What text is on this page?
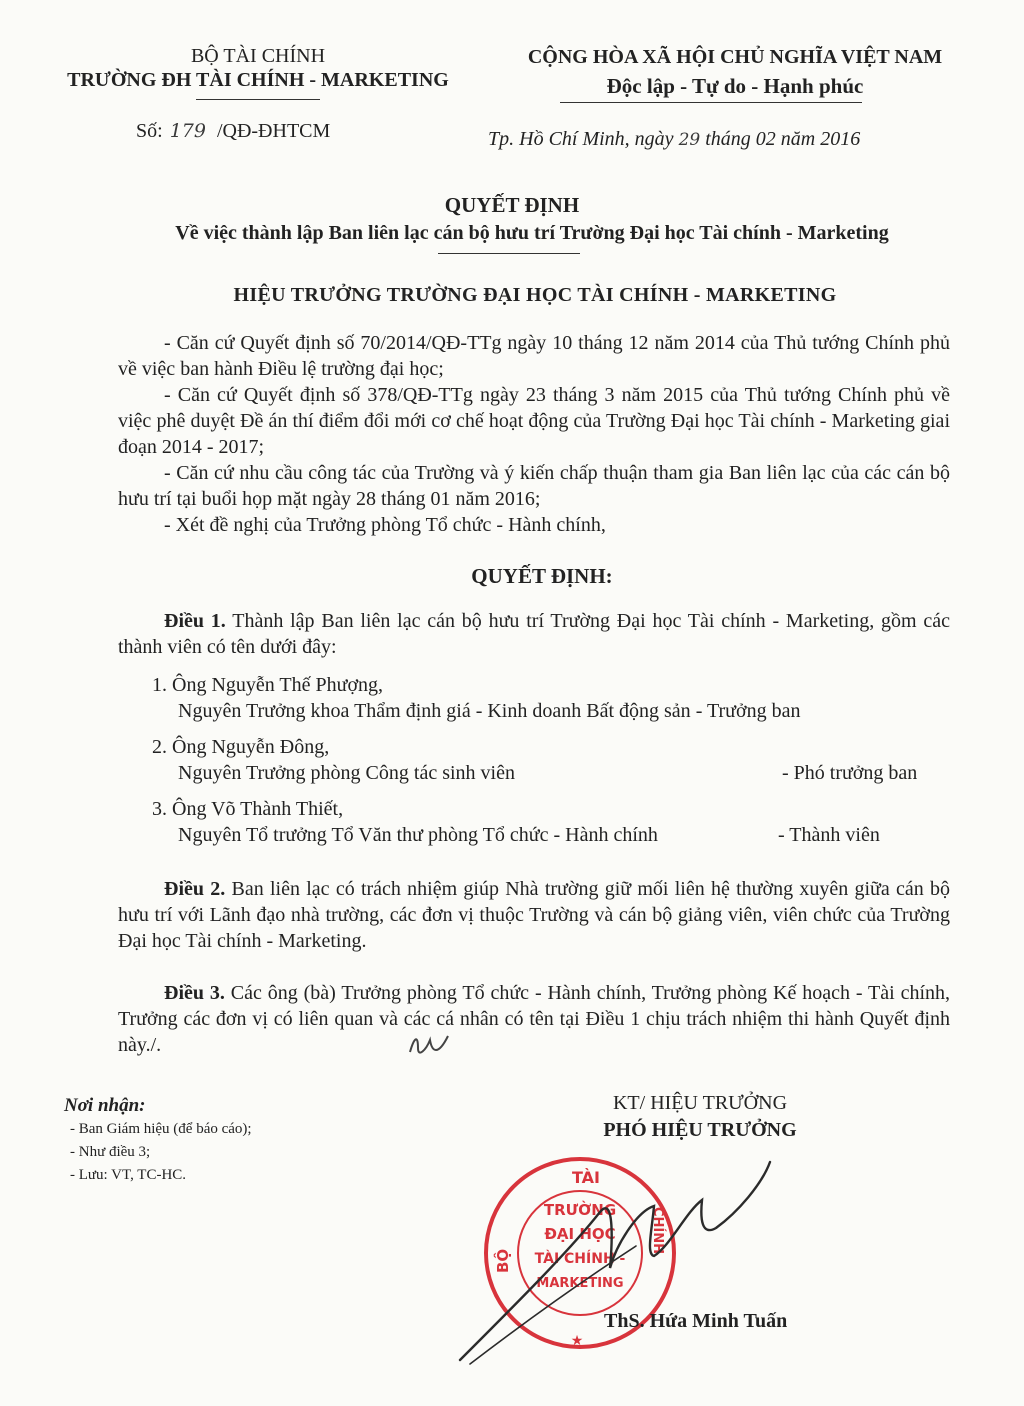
BỘ TÀI CHÍNH
TRƯỜNG ĐH TÀI CHÍNH - MARKETING
Số: 179 /QĐ-ĐHTCM
CỘNG HÒA XÃ HỘI CHỦ NGHĨA VIỆT NAM
Độc lập - Tự do - Hạnh phúc
Tp. Hồ Chí Minh, ngày 29 tháng 02 năm 2016
QUYẾT ĐỊNH
Về việc thành lập Ban liên lạc cán bộ hưu trí Trường Đại học Tài chính - Marketing
HIỆU TRƯỞNG TRƯỜNG ĐẠI HỌC TÀI CHÍNH - MARKETING

- Căn cứ Quyết định số 70/2014/QĐ-TTg ngày 10 tháng 12 năm 2014 của Thủ tướng Chính phủ về việc ban hành Điều lệ trường đại học;

- Căn cứ Quyết định số 378/QĐ-TTg ngày 23 tháng 3 năm 2015 của Thủ tướng Chính phủ về việc phê duyệt Đề án thí điểm đổi mới cơ chế hoạt động của Trường Đại học Tài chính - Marketing giai đoạn 2014 - 2017;

- Căn cứ nhu cầu công tác của Trường và ý kiến chấp thuận tham gia Ban liên lạc của các cán bộ hưu trí tại buổi họp mặt ngày 28 tháng 01 năm 2016;

- Xét đề nghị của Trưởng phòng Tổ chức - Hành chính,

QUYẾT ĐỊNH:

Điều 1. Thành lập Ban liên lạc cán bộ hưu trí Trường Đại học Tài chính - Marketing, gồm các thành viên có tên dưới đây:

1. Ông Nguyễn Thế Phượng,
Nguyên Trưởng khoa Thẩm định giá - Kinh doanh Bất động sản - Trưởng ban
2. Ông Nguyễn Đông,
Nguyên Trưởng phòng Công tác sinh viên	- Phó trưởng ban
3. Ông Võ Thành Thiết,
Nguyên Tổ trưởng Tổ Văn thư phòng Tổ chức - Hành chính	- Thành viên

Điều 2. Ban liên lạc có trách nhiệm giúp Nhà trường giữ mối liên hệ thường xuyên giữa cán bộ hưu trí với Lãnh đạo nhà trường, các đơn vị thuộc Trường và cán bộ giảng viên, viên chức của Trường Đại học Tài chính - Marketing.

Điều 3. Các ông (bà) Trưởng phòng Tổ chức - Hành chính, Trưởng phòng Kế hoạch - Tài chính, Trưởng các đơn vị có liên quan và các cá nhân có tên tại Điều 1 chịu trách nhiệm thi hành Quyết định này./.

Nơi nhận:
- Ban Giám hiệu (để báo cáo);
- Như điều 3;
- Lưu: VT, TC-HC.
KT/ HIỆU TRƯỞNG
PHÓ HIỆU TRƯỞNG
TÀI
BỘ
CHÍNH
TRƯỜNG
ĐẠI HỌC
TÀI CHÍNH -
MARKETING
★
ThS. Hứa Minh Tuấn
